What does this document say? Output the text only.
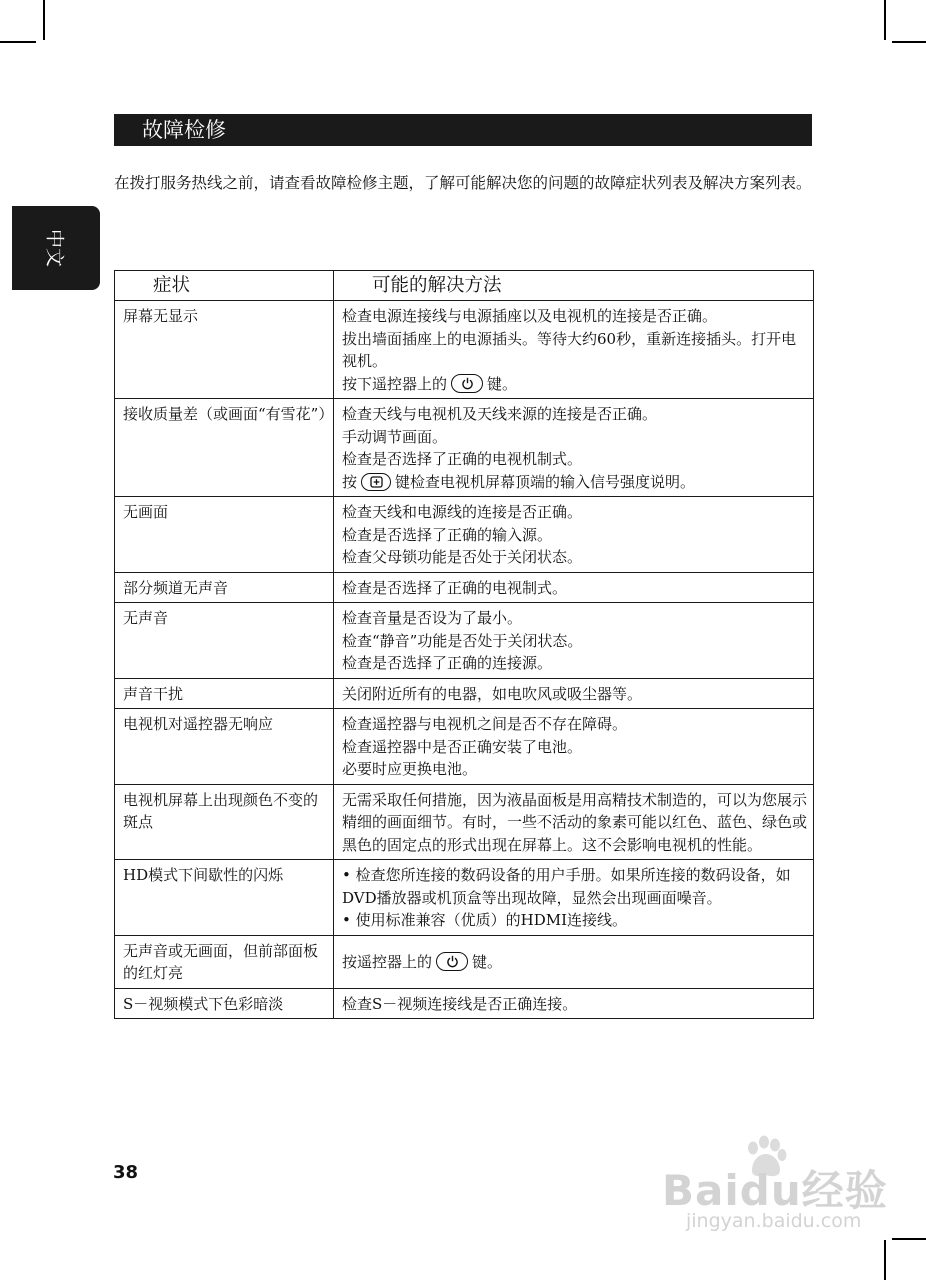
故障检修

在拨打服务热线之前，请查看故障检修主题，了解可能解决您的问题的故障症状列表及解决方案列表。

中文
症状	可能的解决方法
屏幕无显示	检查电源连接线与电源插座以及电视机的连接是否正确。
拔出墙面插座上的电源插头。等待大约60秒，重新连接插头。打开电视机。
按下遥控器上的 键。

接收质量差（或画面“有雪花”）	检查天线与电视机及天线来源的连接是否正确。
手动调节画面。
检查是否选择了正确的电视机制式。
按 键检查电视机屏幕顶端的输入信号强度说明。

无画面	检查天线和电源线的连接是否正确。
检查是否选择了正确的输入源。
检查父母锁功能是否处于关闭状态。

部分频道无声音	检查是否选择了正确的电视制式。

无声音	检查音量是否设为了最小。
检查“静音”功能是否处于关闭状态。
检查是否选择了正确的连接源。

声音干扰	关闭附近所有的电器，如电吹风或吸尘器等。

电视机对遥控器无响应	检查遥控器与电视机之间是否不存在障碍。
检查遥控器中是否正确安装了电池。
必要时应更换电池。

电视机屏幕上出现颜色不变的斑点	无需采取任何措施，因为液晶面板是用高精技术制造的，可以为您展示精细的画面细节。有时，一些不活动的象素可能以红色、蓝色、绿色或黑色的固定点的形式出现在屏幕上。这不会影响电视机的性能。

HD模式下间歇性的闪烁	• 检查您所连接的数码设备的用户手册。如果所连接的数码设备，如DVD播放器或机顶盒等出现故障，显然会出现画面噪音。
• 使用标准兼容（优质）的HDMI连接线。

无声音或无画面，但前部面板的红灯亮	按遥控器上的 键。

S－视频模式下色彩暗淡	检查S－视频连接线是否正确连接。
38	Baidu经验
jingyan.baidu.com
